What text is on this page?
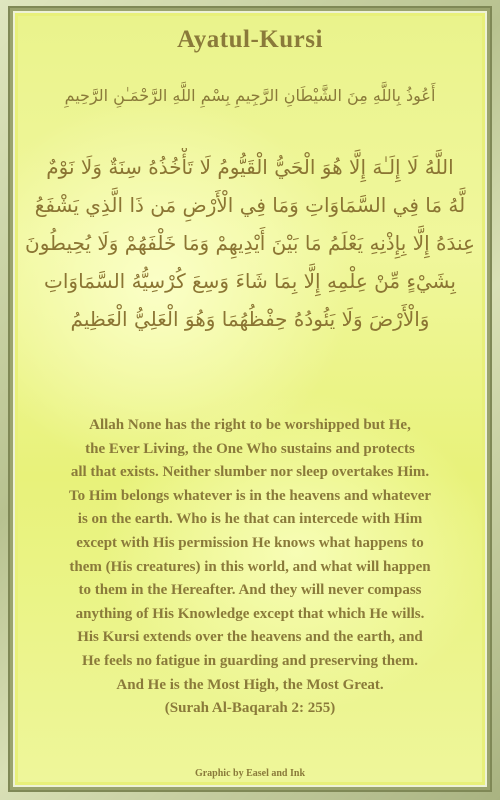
Ayatul-Kursi
أَعُوذُ بِاللَّهِ مِنَ الشَّيْطَانِ الرَّجِيمِ بِسْمِ اللَّهِ الرَّحْمَـٰنِ الرَّحِيمِ
اللَّهُ لَا إِلَـٰهَ إِلَّا هُوَ الْحَيُّ الْقَيُّومُ لَا تَأْخُذُهُ سِنَةٌ وَلَا نَوْمٌ
لَّهُ مَا فِي السَّمَاوَاتِ وَمَا فِي الْأَرْضِ مَن ذَا الَّذِي يَشْفَعُ
عِندَهُ إِلَّا بِإِذْنِهِ يَعْلَمُ مَا بَيْنَ أَيْدِيهِمْ وَمَا خَلْفَهُمْ وَلَا يُحِيطُونَ
بِشَيْءٍ مِّنْ عِلْمِهِ إِلَّا بِمَا شَاءَ وَسِعَ كُرْسِيُّهُ السَّمَاوَاتِ
وَالْأَرْضَ وَلَا يَئُودُهُ حِفْظُهُمَا وَهُوَ الْعَلِيُّ الْعَظِيمُ
Allah None has the right to be worshipped but He,
the Ever Living, the One Who sustains and protects
all that exists. Neither slumber nor sleep overtakes Him.
To Him belongs whatever is in the heavens and whatever
is on the earth. Who is he that can intercede with Him
except with His permission He knows what happens to
them (His creatures) in this world, and what will happen
to them in the Hereafter. And they will never compass
anything of His Knowledge except that which He wills.
His Kursi extends over the heavens and the earth, and
He feels no fatigue in guarding and preserving them.
And He is the Most High, the Most Great.
(Surah Al-Baqarah 2: 255)
Graphic by Easel and Ink
